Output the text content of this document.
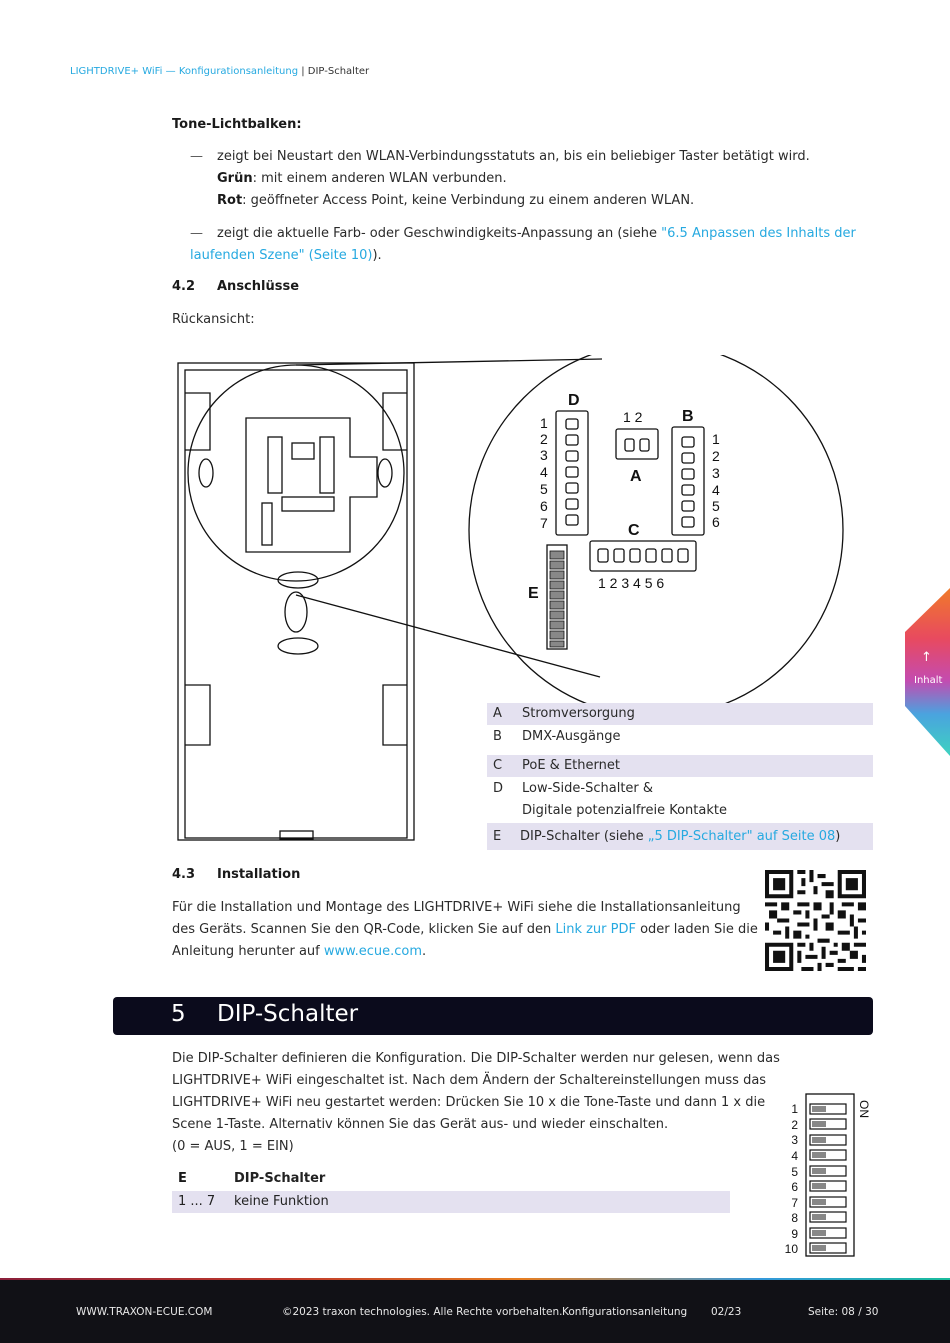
LIGHTDRIVE+ WiFi — Konfigurationsanleitung | DIP-Schalter
Tone-Lichtbalken:
— zeigt bei Neustart den WLAN-Verbindungsstatuts an, bis ein beliebiger Taster betätigt wird.
Grün: mit einem anderen WLAN verbunden.
Rot: geöffneter Access Point, keine Verbindung zu einem anderen WLAN.
— zeigt die aktuelle Farb- oder Geschwindigkeits-Anpassung an (siehe "6.5 Anpassen des Inhalts der
laufenden Szene" (Seite 10)).
4.2 Anschlüsse
Rückansicht:
D
B
A
C
E
1 2
1 2 3 4 5 6
1
2
3
4
5
6
7
1
2
3
4
5
6
A Stromversorgung
B DMX-Ausgänge
C PoE & Ethernet
D Low-Side-Schalter &
Digitale potenzialfreie Kontakte
E DIP-Schalter (siehe „5 DIP-Schalter" auf Seite 08)
4.3 Installation
Für die Installation und Montage des LIGHTDRIVE+ WiFi siehe die Installationsanleitung
des Geräts. Scannen Sie den QR-Code, klicken Sie auf den Link zur PDF oder laden Sie die
Anleitung herunter auf www.ecue.com.
5 DIP-Schalter
Die DIP-Schalter definieren die Konfiguration. Die DIP-Schalter werden nur gelesen, wenn das
LIGHTDRIVE+ WiFi eingeschaltet ist. Nach dem Ändern der Schaltereinstellungen muss das
LIGHTDRIVE+ WiFi neu gestartet werden: Drücken Sie 10 x die Tone-Taste und dann 1 x die
Scene 1-Taste. Alternativ können Sie das Gerät aus- und wieder einschalten.
(0 = AUS, 1 = EIN)
E	DIP-Schalter
1 ... 7 keine Funktion
1
2
3
4
5
6
7
8
9
10
ON
↑
Inhalt
WWW.TRAXON-ECUE.COM	©2023 traxon technologies. Alle Rechte vorbehalten. Konfigurationsanleitung 02/23	Seite: 08 / 30
